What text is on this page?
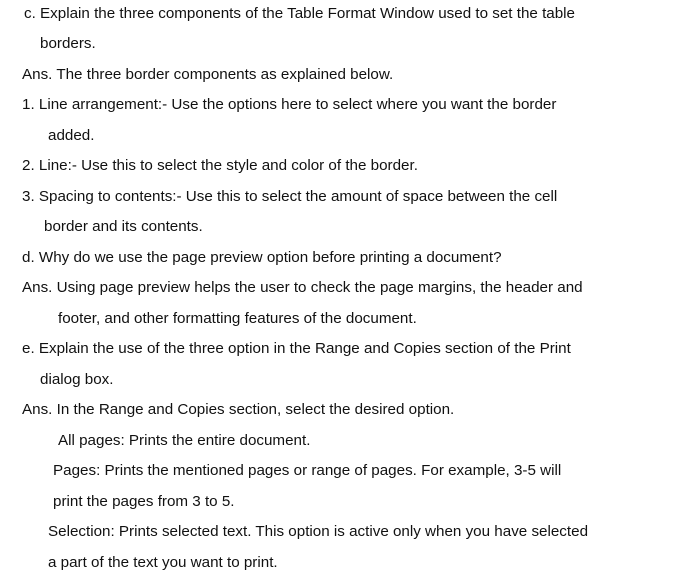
c. Explain the three components of the Table Format Window used to set the table
borders.
Ans. The three border components as explained below.
1. Line arrangement:- Use the options here to select where you want the border
added.
2. Line:- Use this to select the style and color of the border.
3. Spacing to contents:- Use this to select the amount of space between the cell
border and its contents.
d. Why do we use the page preview option before printing a document?
Ans. Using page preview helps the user to check the page margins, the header and
footer, and other formatting features of the document.
e. Explain the use of the three option in the Range and Copies section of the Print
dialog box.
Ans. In the Range and Copies section, select the desired option.
All pages: Prints the entire document.
Pages: Prints the mentioned pages or range of pages. For example, 3-5 will
print the pages from 3 to 5.
Selection: Prints selected text. This option is active only when you have selected
a part of the text you want to print.
